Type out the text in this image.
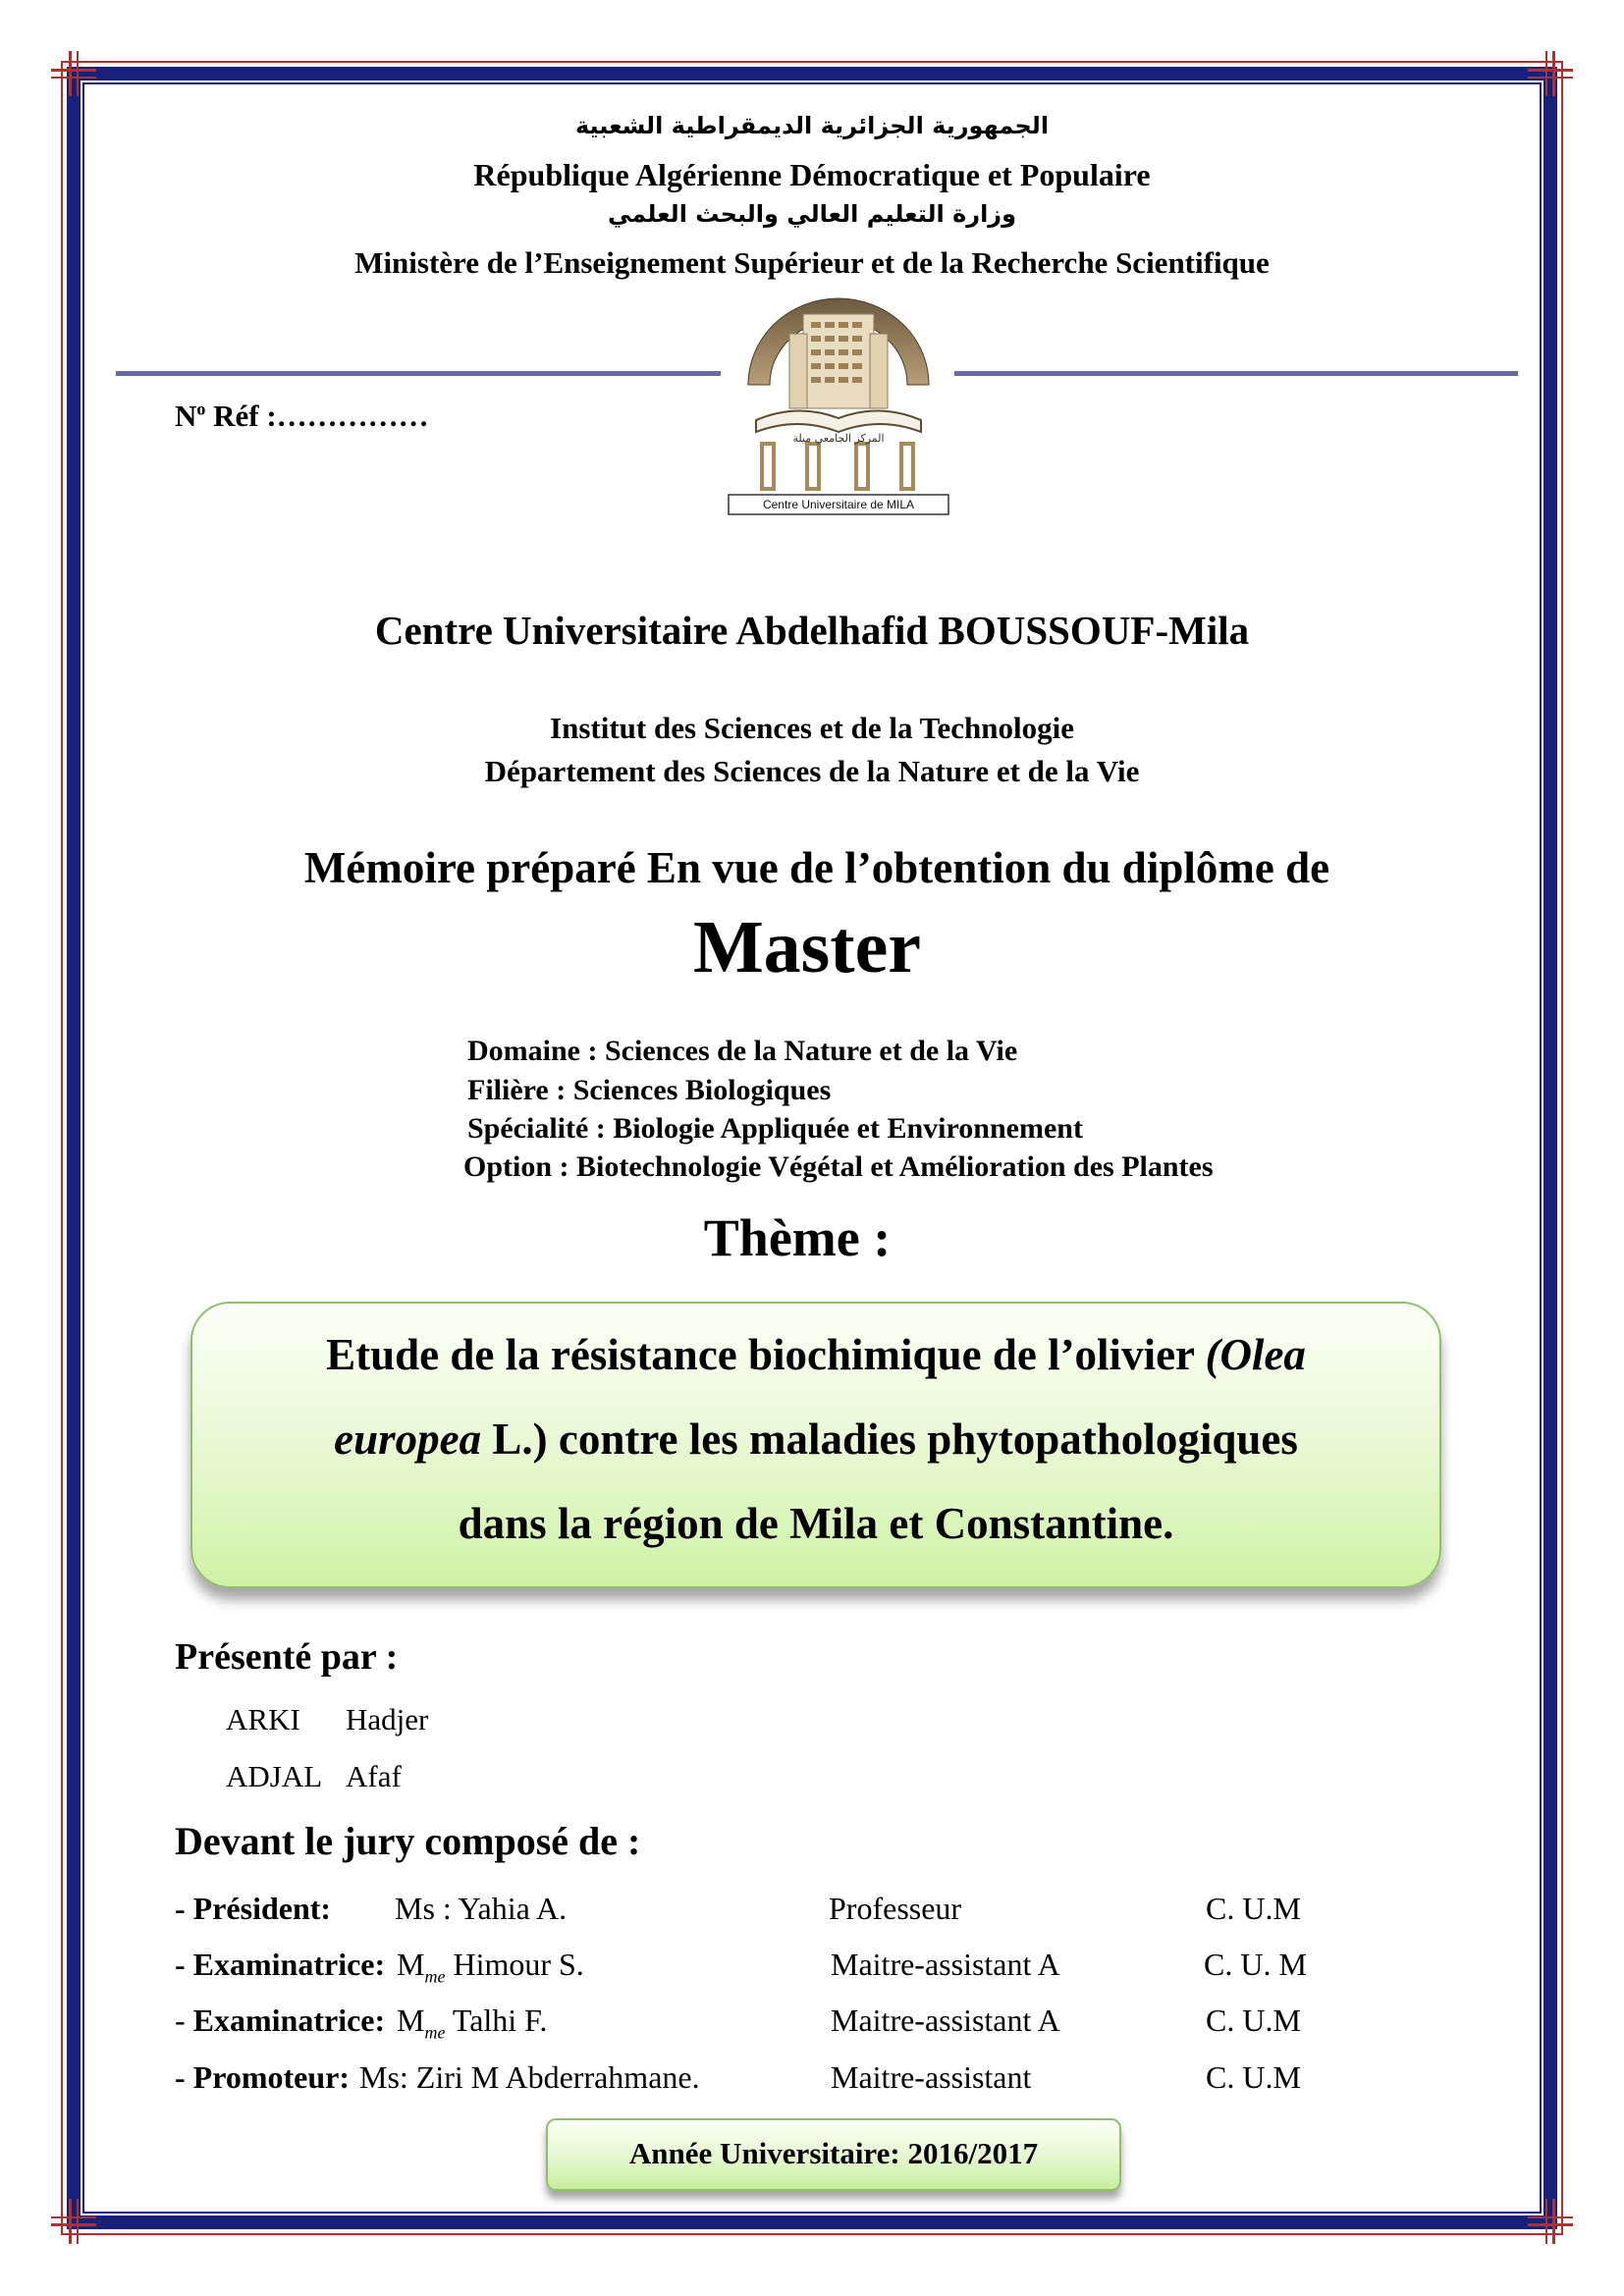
الجمهورية الجزائرية الديمقراطية الشعبية
République Algérienne Démocratique et Populaire
وزارة التعليم العالي والبحث العلمي
Ministère de l’Enseignement Supérieur et de la Recherche Scientifique
المركز الجامعي ميلة
Centre Universitaire de MILA
$N^o$ Réf :……………
Centre Universitaire Abdelhafid BOUSSOUF-Mila
Institut des Sciences et de la Technologie
Département des Sciences de la Nature et de la Vie
Mémoire préparé En vue de l’obtention du diplôme de
Master
Domaine : Sciences de la Nature et de la Vie
Filière : Sciences Biologiques
Spécialité : Biologie Appliquée et Environnement
Option : Biotechnologie Végétal et Amélioration des Plantes
Thème :
Etude de la résistance biochimique de l’olivier (Olea
europea L.) contre les maladies phytopathologiques
dans la région de Mila et Constantine.
Présenté par :
ARKI Hadjer
ADJAL Afaf
Devant le jury composé de :
- Président: Ms : Yahia A.	Professeur	C. U.M
- Examinatrice: $M_{me}$ Himour S.	Maitre-assistant A	C. U. M
- Examinatrice: $M_{me}$ Talhi F.	Maitre-assistant A	C. U.M
- Promoteur: Ms: Ziri M Abderrahmane.	Maitre-assistant	C. U.M
Année Universitaire: 2016/2017
